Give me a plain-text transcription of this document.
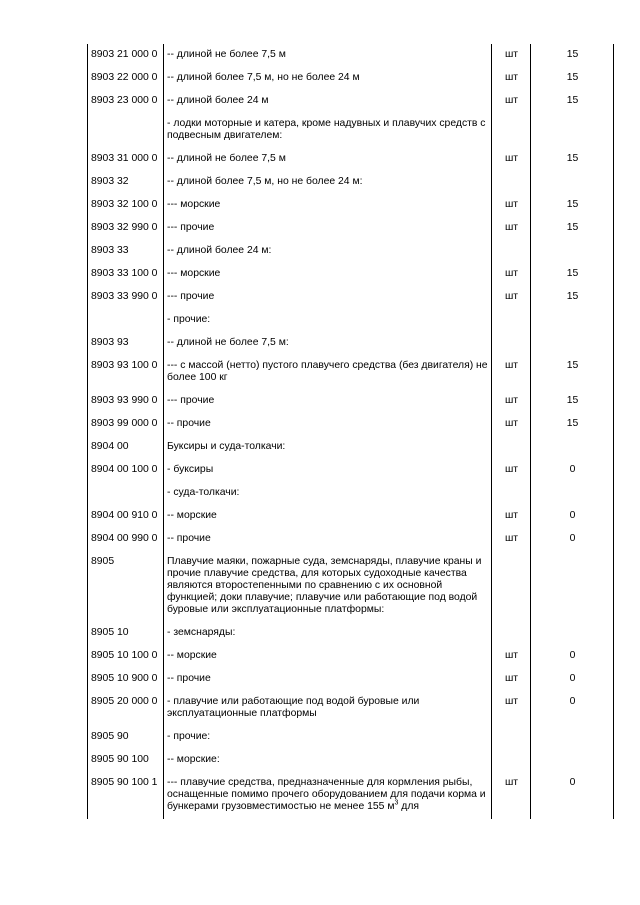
8903 21 000 0	-- длиной не более 7,5 м	шт	15
8903 22 000 0	-- длиной более 7,5 м, но не более 24 м	шт	15
8903 23 000 0	-- длиной более 24 м	шт	15
	- лодки моторные и катера, кроме надувных и плавучих средств с подвесным двигателем:		
8903 31 000 0	-- длиной не более 7,5 м	шт	15
8903 32	-- длиной более 7,5 м, но не более 24 м:		
8903 32 100 0	--- морские	шт	15
8903 32 990 0	--- прочие	шт	15
8903 33	-- длиной более 24 м:		
8903 33 100 0	--- морские	шт	15
8903 33 990 0	--- прочие	шт	15
	- прочие:		
8903 93	-- длиной не более 7,5 м:		
8903 93 100 0	--- с массой (нетто) пустого плавучего средства (без двигателя) не более 100 кг	шт	15
8903 93 990 0	--- прочие	шт	15
8903 99 000 0	-- прочие	шт	15
8904 00	Буксиры и суда-толкачи:		
8904 00 100 0	- буксиры	шт	0
	- суда-толкачи:		
8904 00 910 0	-- морские	шт	0
8904 00 990 0	-- прочие	шт	0
8905	Плавучие маяки, пожарные суда, земснаряды, плавучие краны и прочие плавучие средства, для которых судоходные качества являются второстепенными по сравнению с их основной функцией; доки плавучие; плавучие или работающие под водой буровые или эксплуатационные платформы:		
8905 10	- земснаряды:		
8905 10 100 0	-- морские	шт	0
8905 10 900 0	-- прочие	шт	0
8905 20 000 0	- плавучие или работающие под водой буровые или эксплуатационные платформы	шт	0
8905 90	- прочие:		
8905 90 100	-- морские:		
8905 90 100 1	--- плавучие средства, предназначенные для кормления рыбы, оснащенные помимо прочего оборудованием для подачи корма и бункерами грузовместимостью не менее 155 $м^3$ для	шт	0
